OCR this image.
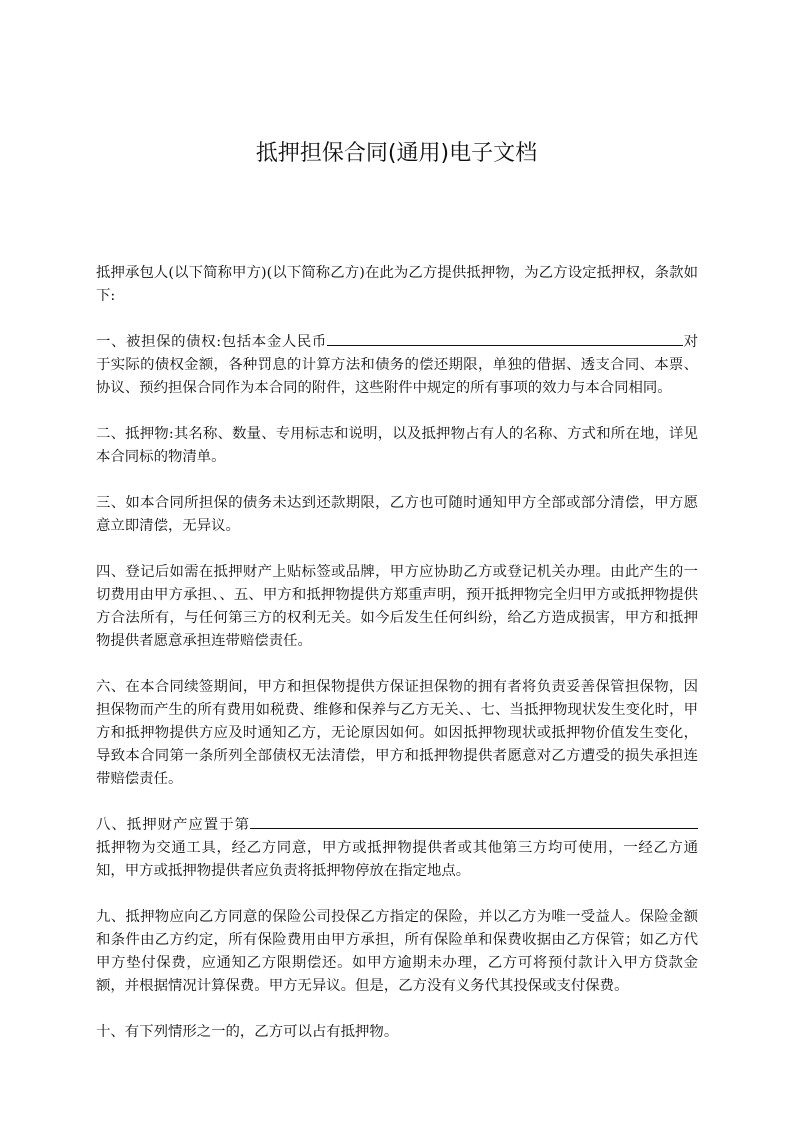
抵押担保合同(通用)电子文档

抵押承包人(以下简称甲方)(以下简称乙方)在此为乙方提供抵押物，为乙方设定抵押权，条款如下:

一、被担保的债权:包括本金人民币	对于实际的债权金额，各种罚息的计算方法和债务的偿还期限，单独的借据、透支合同、本票、协议、预约担保合同作为本合同的附件，这些附件中规定的所有事项的效力与本合同相同。

二、抵押物:其名称、数量、专用标志和说明，以及抵押物占有人的名称、方式和所在地，详见本合同标的物清单。

三、如本合同所担保的债务未达到还款期限，乙方也可随时通知甲方全部或部分清偿，甲方愿意立即清偿，无异议。

四、登记后如需在抵押财产上贴标签或品牌，甲方应协助乙方或登记机关办理。由此产生的一切费用由甲方承担、、五、甲方和抵押物提供方郑重声明，预开抵押物完全归甲方或抵押物提供方合法所有，与任何第三方的权利无关。如今后发生任何纠纷，给乙方造成损害，甲方和抵押物提供者愿意承担连带赔偿责任。

六、在本合同续签期间，甲方和担保物提供方保证担保物的拥有者将负责妥善保管担保物，因担保物而产生的所有费用如税费、维修和保养与乙方无关、、七、当抵押物现状发生变化时，甲方和抵押物提供方应及时通知乙方，无论原因如何。如因抵押物现状或抵押物价值发生变化，导致本合同第一条所列全部债权无法清偿，甲方和抵押物提供者愿意对乙方遭受的损失承担连带赔偿责任。

八、抵押财产应置于第抵押物为交通工具，经乙方同意，甲方或抵押物提供者或其他第三方均可使用，一经乙方通知，甲方或抵押物提供者应负责将抵押物停放在指定地点。

九、抵押物应向乙方同意的保险公司投保乙方指定的保险，并以乙方为唯一受益人。保险金额和条件由乙方约定，所有保险费用由甲方承担，所有保险单和保费收据由乙方保管；如乙方代甲方垫付保费，应通知乙方限期偿还。如甲方逾期未办理，乙方可将预付款计入甲方贷款金额，并根据情况计算保费。甲方无异议。但是，乙方没有义务代其投保或支付保费。

十、有下列情形之一的，乙方可以占有抵押物。
